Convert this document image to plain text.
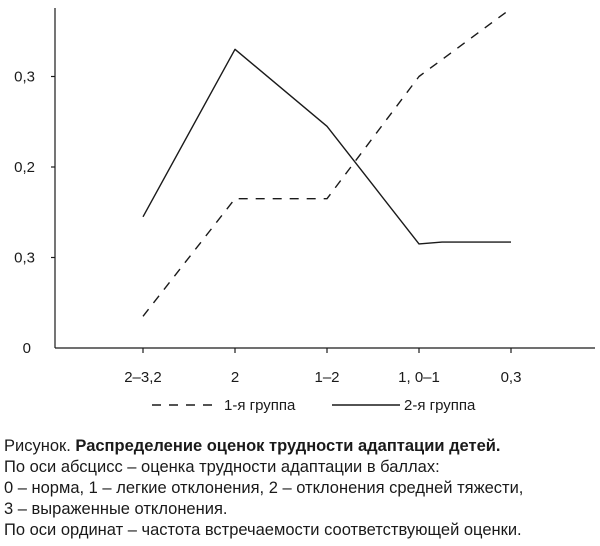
0
0,3
0,2
0,3
2–3,2	2	1–2	1, 0–1	0,3
1-я группа	2-я группа
Рисунок. Распределение оценок трудности адаптации детей.
По оси абсцисс – оценка трудности адаптации в баллах:
0 – норма, 1 – легкие отклонения, 2 – отклонения средней тяжести,
3 – выраженные отклонения.
По оси ординат – частота встречаемости соответствующей оценки.
